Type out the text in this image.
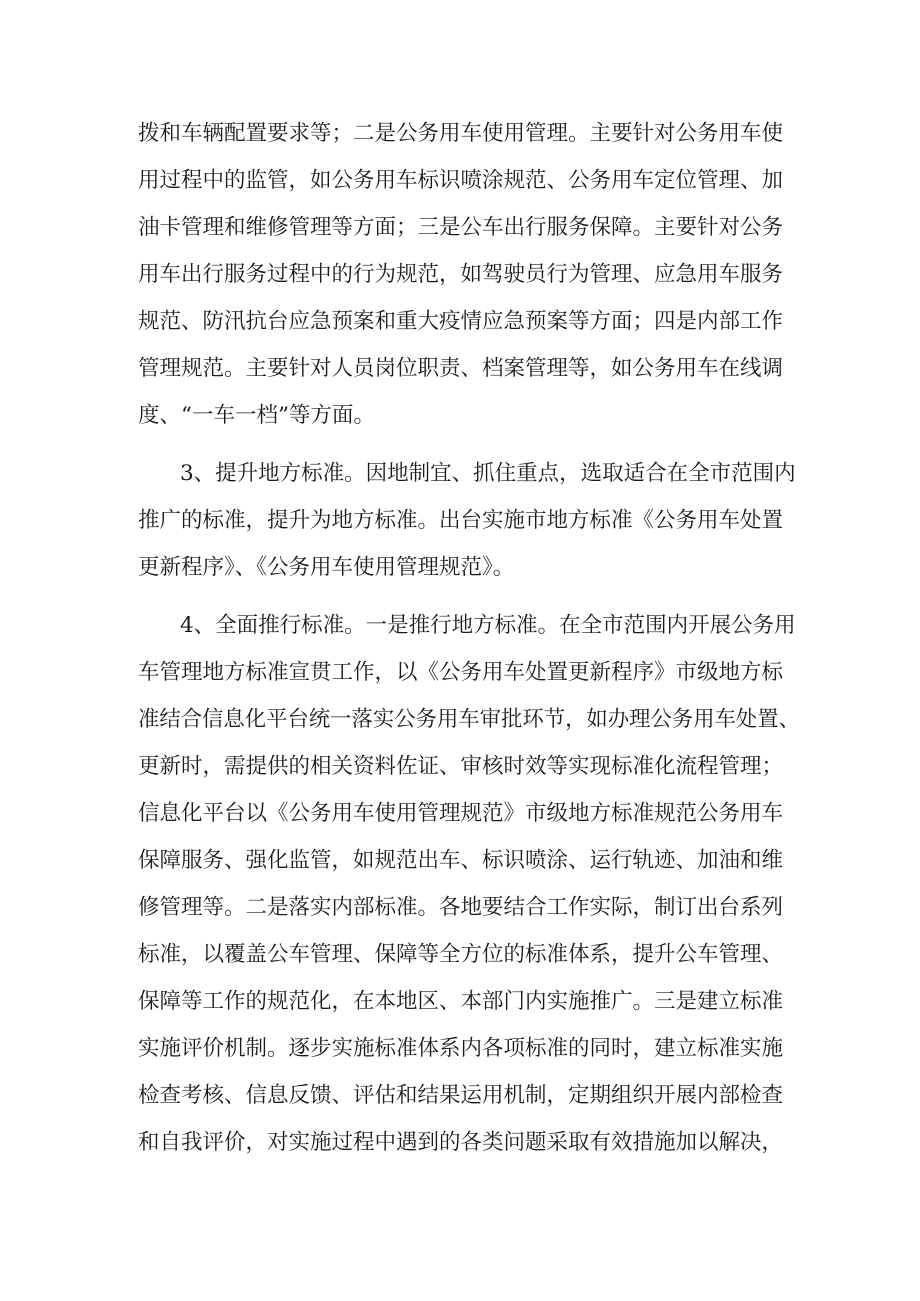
拨和车辆配置要求等；二是公务用车使用管理。主要针对公务用车使
用过程中的监管，如公务用车标识喷涂规范、公务用车定位管理、加
油卡管理和维修管理等方面；三是公车出行服务保障。主要针对公务
用车出行服务过程中的行为规范，如驾驶员行为管理、应急用车服务
规范、防汛抗台应急预案和重大疫情应急预案等方面；四是内部工作
管理规范。主要针对人员岗位职责、档案管理等，如公务用车在线调
度、“一车一档”等方面。
3、提升地方标准。因地制宜、抓住重点，选取适合在全市范围内
推广的标准，提升为地方标准。出台实施市地方标准《公务用车处置
更新程序》、《公务用车使用管理规范》。
4、全面推行标准。一是推行地方标准。在全市范围内开展公务用
车管理地方标准宣贯工作，以《公务用车处置更新程序》市级地方标
准结合信息化平台统一落实公务用车审批环节，如办理公务用车处置、
更新时，需提供的相关资料佐证、审核时效等实现标准化流程管理；
信息化平台以《公务用车使用管理规范》市级地方标准规范公务用车
保障服务、强化监管，如规范出车、标识喷涂、运行轨迹、加油和维
修管理等。二是落实内部标准。各地要结合工作实际，制订出台系列
标准，以覆盖公车管理、保障等全方位的标准体系，提升公车管理、
保障等工作的规范化，在本地区、本部门内实施推广。三是建立标准
实施评价机制。逐步实施标准体系内各项标准的同时，建立标准实施
检查考核、信息反馈、评估和结果运用机制，定期组织开展内部检查
和自我评价，对实施过程中遇到的各类问题采取有效措施加以解决，
